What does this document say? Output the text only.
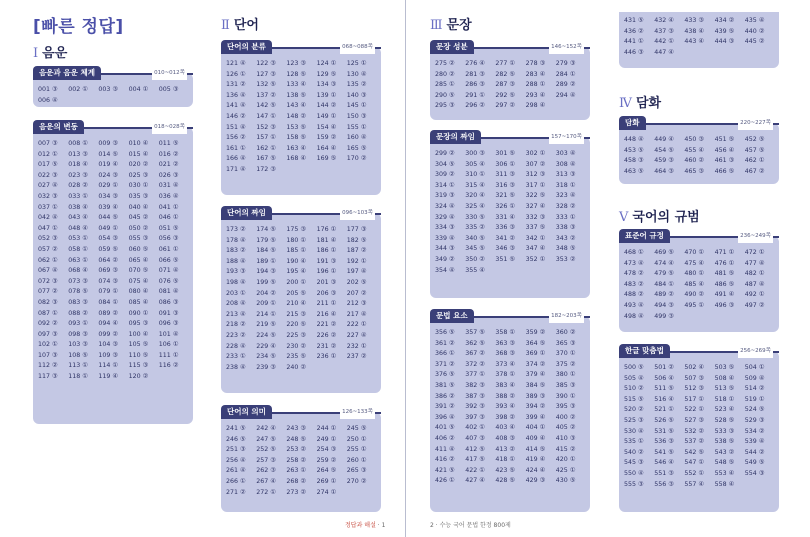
[빠른 정답]
Ⅰ 음운
Ⅱ 단어	Ⅲ 문장
Ⅳ 담화
Ⅴ 국어의 규범
음운과 음운 체계	010~012쪽
001 ③	002 ①	003 ③	004 ①	005 ③
006 ④
음운의 변동	018~028쪽
007 ③	008 ①	009 ③	010 ④	011 ⑤
012 ①	013 ③	014 ⑤	015 ④	016 ②
017 ⑤	018 ④	019 ④	020 ②	021 ②
022 ③	023 ③	024 ③	025 ③	026 ③
027 ④	028 ②	029 ①	030 ①	031 ④
032 ③	033 ①	034 ③	035 ③	036 ④
037 ①	038 ④	039 ④	040 ④	041 ①
042 ④	043 ④	044 ⑤	045 ②	046 ①
047 ①	048 ④	049 ①	050 ②	051 ⑤
052 ③	053 ①	054 ③	055 ③	056 ③
057 ②	058 ①	059 ⑤	060 ⑤	061 ①
062 ①	063 ①	064 ②	065 ④	066 ⑤
067 ④	068 ④	069 ③	070 ⑤	071 ④
072 ③	073 ③	074 ③	075 ④	076 ⑤
077 ②	078 ⑤	079 ①	080 ④	081 ④
082 ③	083 ③	084 ①	085 ④	086 ③
087 ①	088 ②	089 ②	090 ①	091 ③
092 ②	093 ①	094 ④	095 ③	096 ③
097 ③	098 ③	099 ②	100 ④	101 ④
102 ①	103 ③	104 ③	105 ⑤	106 ①
107 ③	108 ⑤	109 ③	110 ⑤	111 ①
112 ②	113 ①	114 ①	115 ③	116 ②
117 ③	118 ①	119 ④	120 ②
단어의 분류	068~088쪽
121 ④	122 ③	123 ③	124 ①	125 ①
126 ①	127 ③	128 ⑤	129 ⑤	130 ④
131 ②	132 ⑤	133 ④	134 ③	135 ②
136 ④	137 ②	138 ⑤	139 ①	140 ③
141 ④	142 ⑤	143 ④	144 ②	145 ①
146 ②	147 ①	148 ②	149 ①	150 ③
151 ④	152 ③	153 ⑤	154 ④	155 ①
156 ②	157 ①	158 ⑤	159 ②	160 ④
161 ①	162 ①	163 ④	164 ④	165 ⑤
166 ④	167 ⑤	168 ④	169 ⑤	170 ②
171 ④	172 ③
단어의 짜임	096~103쪽
173 ②	174 ⑤	175 ③	176 ①	177 ③
178 ④	179 ⑤	180 ①	181 ④	182 ⑤
183 ②	184 ⑤	185 ①	186 ①	187 ②
188 ④	189 ①	190 ④	191 ③	192 ①
193 ③	194 ③	195 ④	196 ①	197 ④
198 ④	199 ⑤	200 ①	201 ③	202 ⑤
203 ①	204 ②	205 ⑤	206 ③	207 ②
208 ④	209 ①	210 ④	211 ①	212 ③
213 ④	214 ①	215 ③	216 ④	217 ④
218 ②	219 ⑤	220 ⑤	221 ②	222 ①
223 ②	224 ⑤	225 ③	226 ②	227 ④
228 ④	229 ④	230 ②	231 ②	232 ①
233 ①	234 ⑤	235 ⑤	236 ①	237 ②
238 ④	239 ③	240 ②
단어의 의미	126~133쪽
241 ⑤	242 ④	243 ③	244 ①	245 ⑤
246 ⑤	247 ⑤	248 ⑤	249 ①	250 ①
251 ③	252 ⑤	253 ②	254 ③	255 ①
256 ④	257 ③	258 ②	259 ②	260 ①
261 ④	262 ③	263 ①	264 ⑤	265 ③
266 ①	267 ④	268 ②	269 ①	270 ②
271 ②	272 ①	273 ②	274 ①
문장 성분	146~152쪽
275 ②	276 ④	277 ①	278 ③	279 ③
280 ②	281 ③	282 ⑤	283 ④	284 ①
285 ①	286 ③	287 ③	288 ①	289 ②
290 ⑤	291 ①	292 ⑤	293 ④	294 ④
295 ③	296 ②	297 ②	298 ④
문장의 짜임	157~170쪽
299 ②	300 ③	301 ⑤	302 ①	303 ④
304 ⑤	305 ④	306 ①	307 ②	308 ④
309 ②	310 ①	311 ③	312 ③	313 ③
314 ①	315 ④	316 ③	317 ①	318 ①
319 ③	320 ④	321 ⑤	322 ⑤	323 ④
324 ④	325 ④	326 ①	327 ④	328 ②
329 ④	330 ⑤	331 ④	332 ③	333 ①
334 ③	335 ②	336 ③	337 ⑤	338 ③
339 ④	340 ⑤	341 ②	342 ①	343 ②
344 ③	345 ⑤	346 ③	347 ④	348 ⑤
349 ②	350 ②	351 ⑤	352 ①	353 ②
354 ④	355 ④
문법 요소	182~203쪽
356 ⑤	357 ⑤	358 ①	359 ②	360 ②
361 ②	362 ⑤	363 ③	364 ⑤	365 ③
366 ①	367 ②	368 ③	369 ①	370 ①
371 ②	372 ②	373 ④	374 ②	375 ②
376 ⑤	377 ①	378 ①	379 ④	380 ①
381 ⑤	382 ③	383 ④	384 ⑤	385 ③
386 ②	387 ③	388 ②	389 ③	390 ①
391 ②	392 ③	393 ④	394 ②	395 ③
396 ④	397 ③	398 ②	399 ④	400 ②
401 ⑤	402 ①	403 ④	404 ①	405 ②
406 ②	407 ③	408 ③	409 ④	410 ③
411 ④	412 ⑤	413 ②	414 ⑤	415 ②
416 ②	417 ⑤	418 ①	419 ④	420 ①
421 ⑤	422 ①	423 ⑤	424 ④	425 ①
426 ①	427 ④	428 ⑤	429 ③	430 ⑤
431 ⑤	432 ④	433 ③	434 ②	435 ④
436 ②	437 ③	438 ④	439 ⑤	440 ②
441 ①	442 ①	443 ④	444 ③	445 ②
446 ③	447 ④
담화	220~227쪽
448 ④	449 ④	450 ③	451 ⑤	452 ⑤
453 ⑤	454 ⑤	455 ④	456 ④	457 ⑤
458 ③	459 ③	460 ②	461 ③	462 ①
463 ⑤	464 ③	465 ③	466 ⑤	467 ②
표준어 규정	236~249쪽
468 ①	469 ⑤	470 ①	471 ①	472 ①
473 ④	474 ④	475 ④	476 ①	477 ④
478 ②	479 ⑤	480 ①	481 ⑤	482 ①
483 ②	484 ①	485 ④	486 ⑤	487 ④
488 ②	489 ②	490 ②	491 ④	492 ①
493 ④	494 ③	495 ①	496 ③	497 ②
498 ④	499 ③
한글 맞춤법	256~269쪽
500 ⑤	501 ②	502 ④	503 ⑤	504 ①
505 ④	506 ④	507 ③	508 ④	509 ④
510 ②	511 ⑤	512 ③	513 ⑤	514 ②
515 ⑤	516 ④	517 ①	518 ①	519 ①
520 ②	521 ①	522 ①	523 ④	524 ⑤
525 ③	526 ⑤	527 ③	528 ⑤	529 ③
530 ④	531 ⑤	532 ②	533 ③	534 ②
535 ①	536 ③	537 ②	538 ⑤	539 ④
540 ②	541 ⑤	542 ⑤	543 ②	544 ②
545 ③	546 ④	547 ①	548 ⑤	549 ⑤
550 ④	551 ③	552 ①	553 ④	554 ③
555 ③	556 ③	557 ④	558 ④
정답과 해설 · 1	2 · 수능 국어 문법 한정 800제
